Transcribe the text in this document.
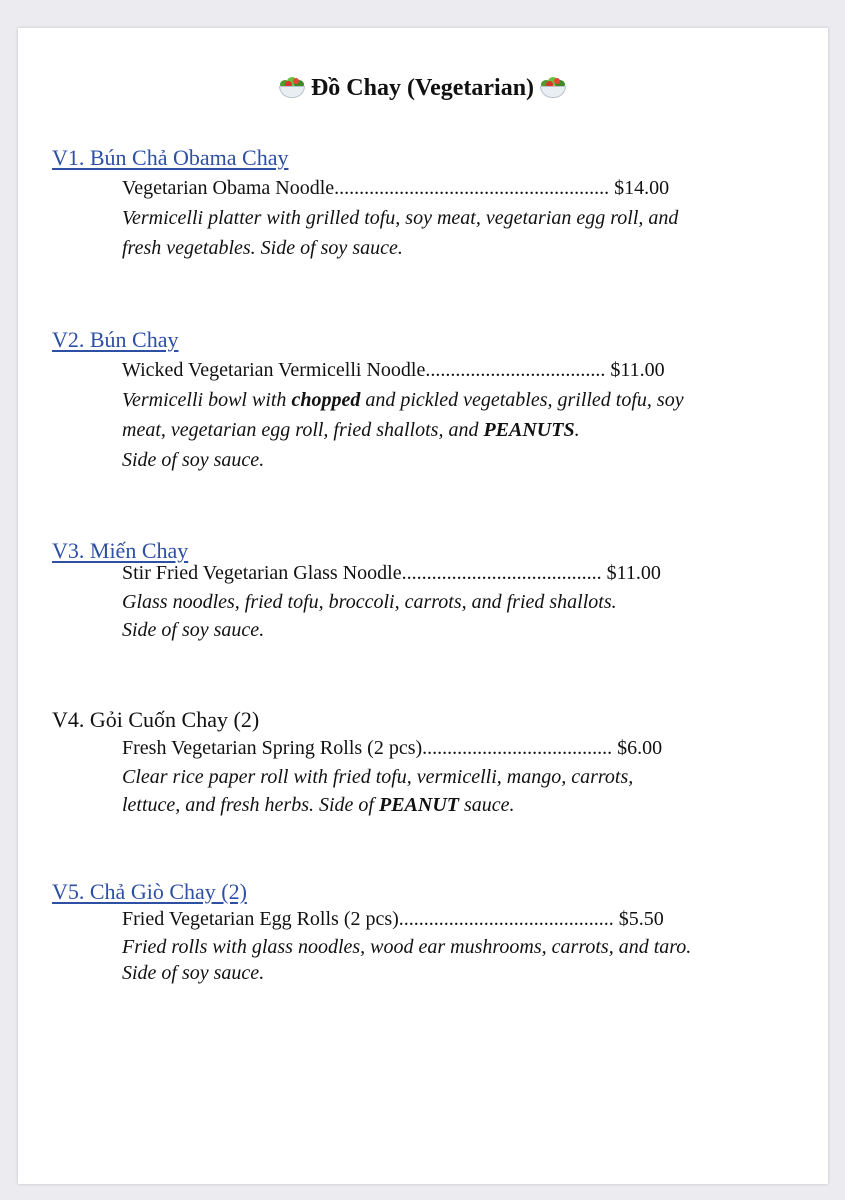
Đồ Chay (Vegetarian)
V1. Bún Chả Obama Chay
Vegetarian Obama Noodle....................................................... $14.00
Vermicelli platter with grilled tofu, soy meat, vegetarian egg roll, and
fresh vegetables. Side of soy sauce.
V2. Bún Chay
Wicked Vegetarian Vermicelli Noodle.................................... $11.00
Vermicelli bowl with chopped and pickled vegetables, grilled tofu, soy
meat, vegetarian egg roll, fried shallots, and PEANUTS.
Side of soy sauce.
V3. Miến Chay
Stir Fried Vegetarian Glass Noodle........................................ $11.00
Glass noodles, fried tofu, broccoli, carrots, and fried shallots.
Side of soy sauce.
V4. Gỏi Cuốn Chay (2)
Fresh Vegetarian Spring Rolls (2 pcs)...................................... $6.00
Clear rice paper roll with fried tofu, vermicelli, mango, carrots,
lettuce, and fresh herbs. Side of PEANUT sauce.
V5. Chả Giò Chay (2)
Fried Vegetarian Egg Rolls (2 pcs)........................................... $5.50
Fried rolls with glass noodles, wood ear mushrooms, carrots, and taro.
Side of soy sauce.
